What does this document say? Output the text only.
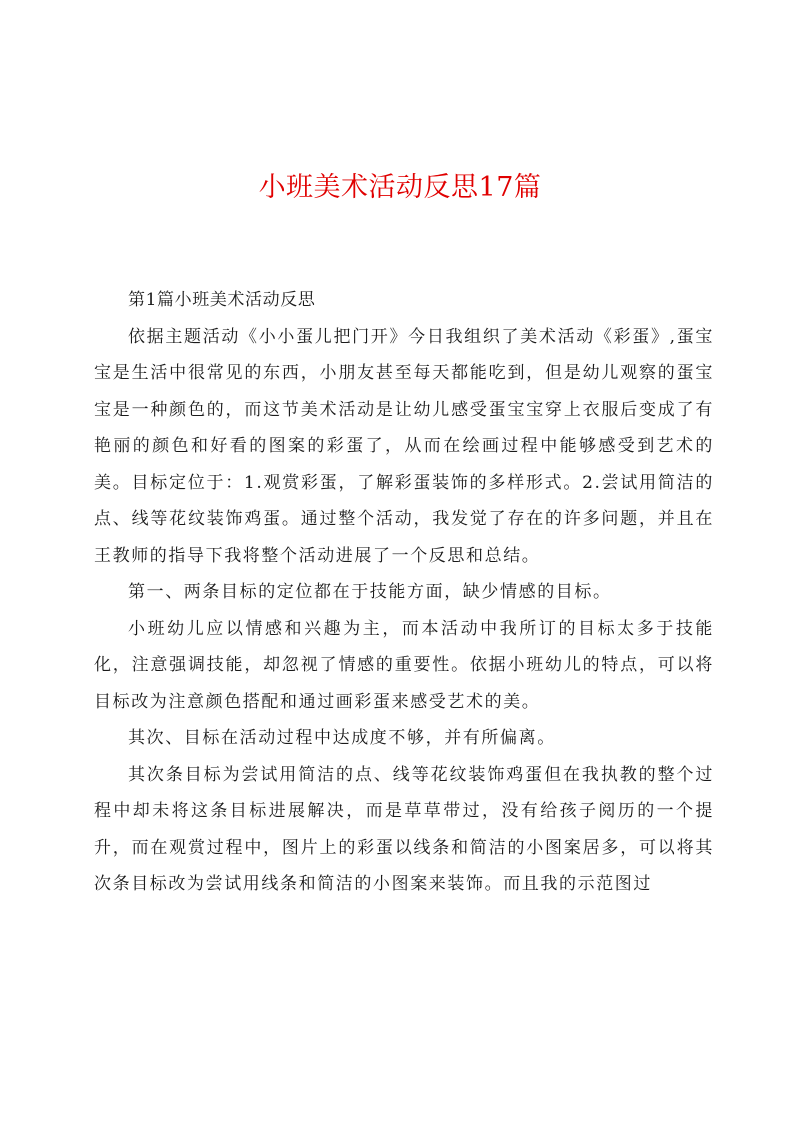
小班美术活动反思17篇

第1篇小班美术活动反思

依据主题活动《小小蛋儿把门开》今日我组织了美术活动《彩蛋》,蛋宝宝是生活中很常见的东西，小朋友甚至每天都能吃到，但是幼儿观察的蛋宝宝是一种颜色的，而这节美术活动是让幼儿感受蛋宝宝穿上衣服后变成了有艳丽的颜色和好看的图案的彩蛋了，从而在绘画过程中能够感受到艺术的美。目标定位于：1.观赏彩蛋，了解彩蛋装饰的多样形式。2.尝试用简洁的点、线等花纹装饰鸡蛋。通过整个活动，我发觉了存在的许多问题，并且在王教师的指导下我将整个活动进展了一个反思和总结。

第一、两条目标的定位都在于技能方面，缺少情感的目标。

小班幼儿应以情感和兴趣为主，而本活动中我所订的目标太多于技能化，注意强调技能，却忽视了情感的重要性。依据小班幼儿的特点，可以将目标改为注意颜色搭配和通过画彩蛋来感受艺术的美。

其次、目标在活动过程中达成度不够，并有所偏离。

其次条目标为尝试用简洁的点、线等花纹装饰鸡蛋但在我执教的整个过程中却未将这条目标进展解决，而是草草带过，没有给孩子阅历的一个提升，而在观赏过程中，图片上的彩蛋以线条和简洁的小图案居多，可以将其次条目标改为尝试用线条和简洁的小图案来装饰。而且我的示范图过
